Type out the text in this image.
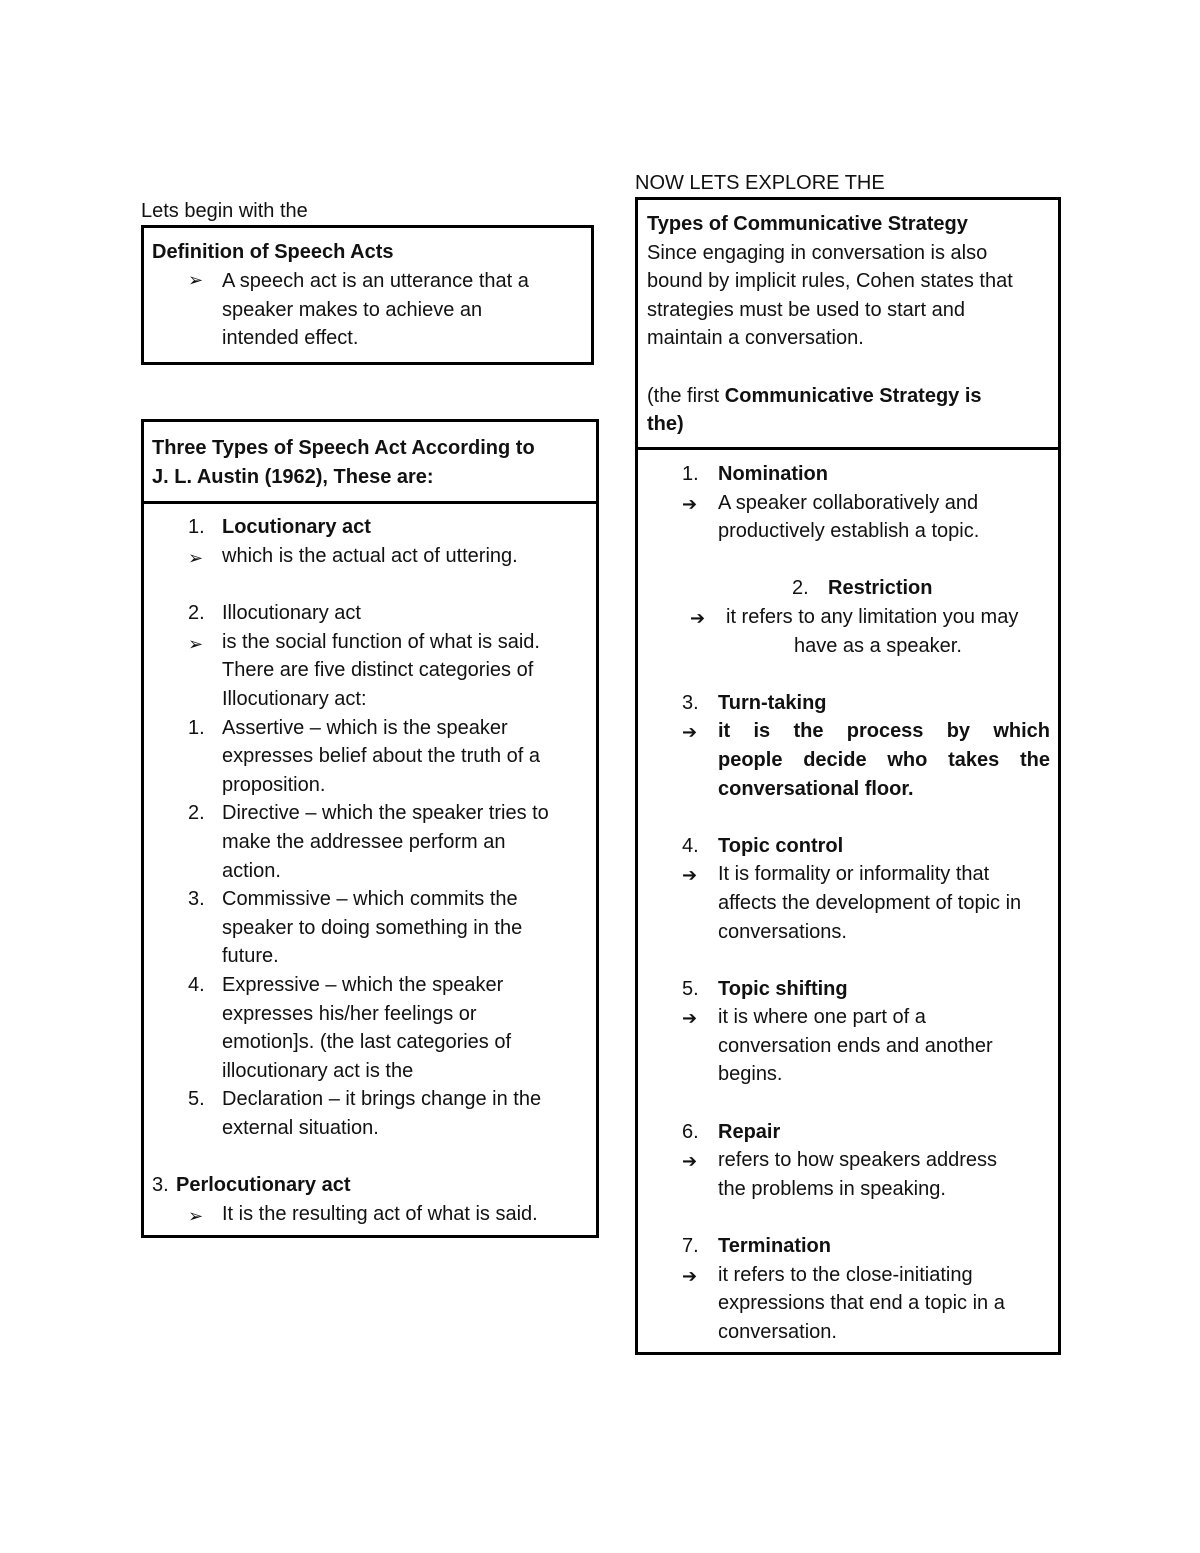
Lets begin with the
Definition of Speech Acts
➢ A speech act is an utterance that a
speaker makes to achieve an
intended effect.
Three Types of Speech Act According to
J. L. Austin (1962), These are:
1. Locutionary act
➢ which is the actual act of uttering.
2. Illocutionary act
➢ is the social function of what is said.
There are five distinct categories of
Illocutionary act:
1. Assertive – which is the speaker
expresses belief about the truth of a
proposition.
2. Directive – which the speaker tries to
make the addressee perform an
action.
3. Commissive – which commits the
speaker to doing something in the
future.
4. Expressive – which the speaker
expresses his/her feelings or
emotion]s. (the last categories of
illocutionary act is the
5. Declaration – it brings change in the
external situation.
3. Perlocutionary act
➢ It is the resulting act of what is said.
NOW LETS EXPLORE THE
Types of Communicative Strategy
Since engaging in conversation is also
bound by implicit rules, Cohen states that
strategies must be used to start and
maintain a conversation.
(the first Communicative Strategy is
the)
1. Nomination
➔ A speaker collaboratively and
productively establish a topic.
2. Restriction
➔ it refers to any limitation you may
have as a speaker.
3. Turn-taking
➔ it is the process by which
people decide who takes the
conversational floor.
4. Topic control
➔ It is formality or informality that
affects the development of topic in
conversations.
5. Topic shifting
➔ it is where one part of a
conversation ends and another
begins.
6. Repair
➔ refers to how speakers address
the problems in speaking.
7. Termination
➔ it refers to the close-initiating
expressions that end a topic in a
conversation.
